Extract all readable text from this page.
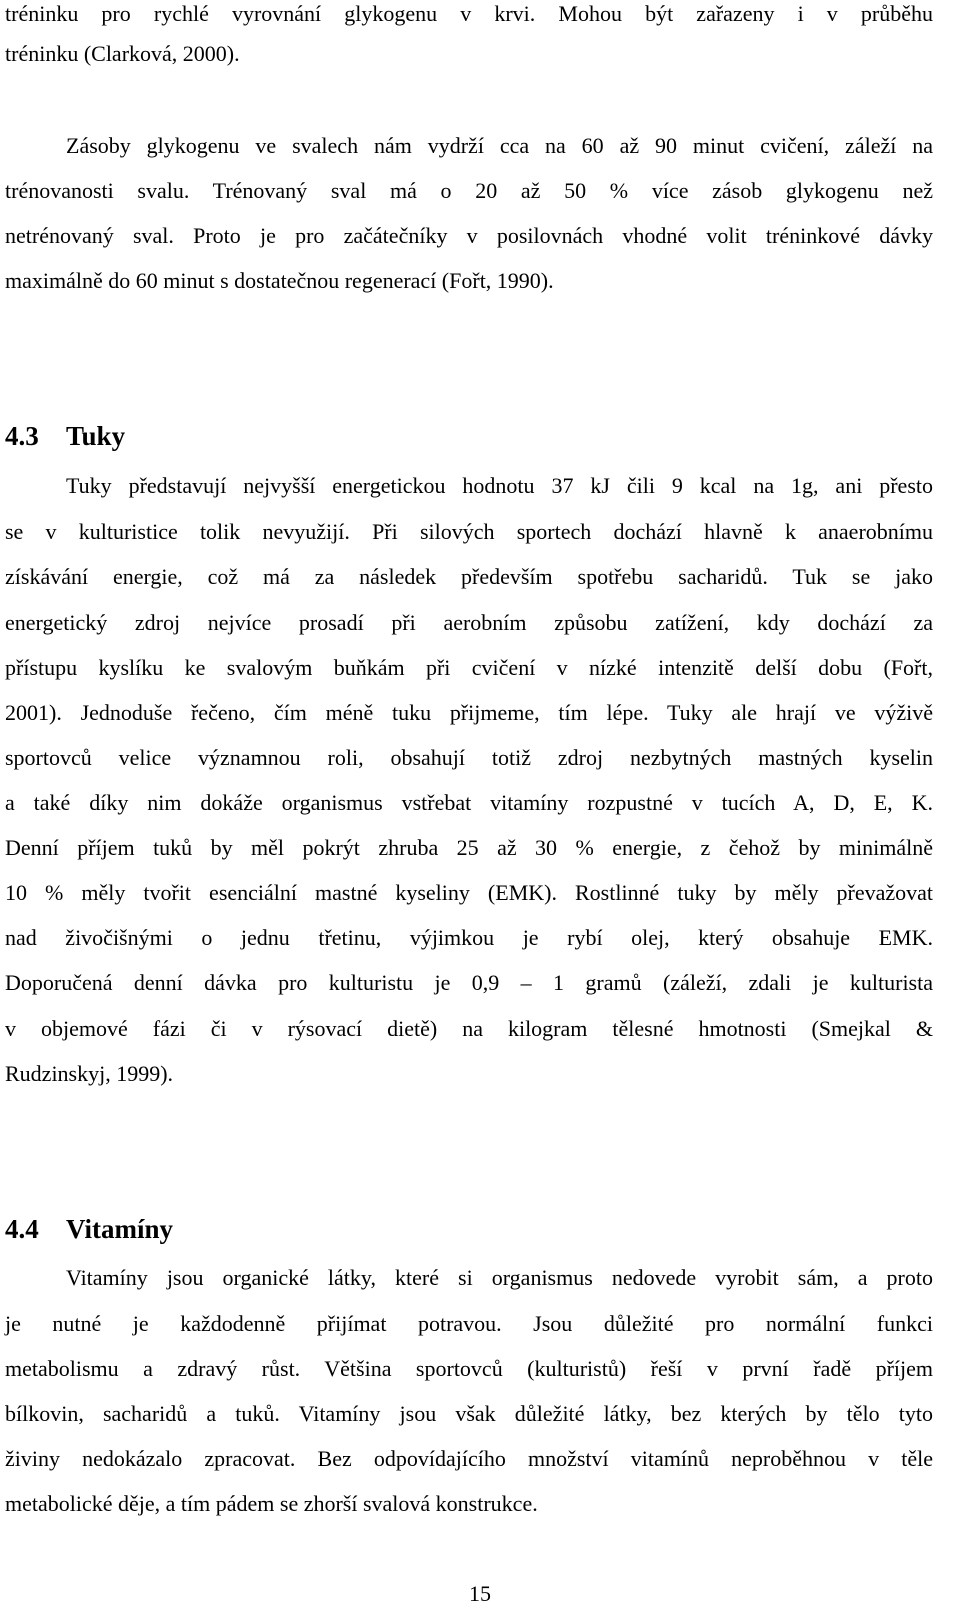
tréninku pro rychlé vyrovnání glykogenu v krvi. Mohou být zařazeny i v průběhu
tréninku (Clarková, 2000).
Zásoby glykogenu ve svalech nám vydrží cca na 60 až 90 minut cvičení, záleží na
trénovanosti svalu. Trénovaný sval má o 20 až 50 % více zásob glykogenu než
netrénovaný sval. Proto je pro začátečníky v posilovnách vhodné volit tréninkové dávky
maximálně do 60 minut s dostatečnou regenerací (Fořt, 1990).
4.3 Tuky
Tuky představují nejvyšší energetickou hodnotu 37 kJ čili 9 kcal na 1g, ani přesto
se v kulturistice tolik nevyužijí. Při silových sportech dochází hlavně k anaerobnímu
získávání energie, což má za následek především spotřebu sacharidů. Tuk se jako
energetický zdroj nejvíce prosadí při aerobním způsobu zatížení, kdy dochází za
přístupu kyslíku ke svalovým buňkám při cvičení v nízké intenzitě delší dobu (Fořt,
2001). Jednoduše řečeno, čím méně tuku přijmeme, tím lépe. Tuky ale hrají ve výživě
sportovců velice významnou roli, obsahují totiž zdroj nezbytných mastných kyselin
a také díky nim dokáže organismus vstřebat vitamíny rozpustné v tucích A, D, E, K.
Denní příjem tuků by měl pokrýt zhruba 25 až 30 % energie, z čehož by minimálně
10 % měly tvořit esenciální mastné kyseliny (EMK). Rostlinné tuky by měly převažovat
nad živočišnými o jednu třetinu, výjimkou je rybí olej, který obsahuje EMK.
Doporučená denní dávka pro kulturistu je 0,9 – 1 gramů (záleží, zdali je kulturista
v objemové fázi či v rýsovací dietě) na kilogram tělesné hmotnosti (Smejkal &
Rudzinskyj, 1999).
4.4 Vitamíny
Vitamíny jsou organické látky, které si organismus nedovede vyrobit sám, a proto
je nutné je každodenně přijímat potravou. Jsou důležité pro normální funkci
metabolismu a zdravý růst. Většina sportovců (kulturistů) řeší v první řadě příjem
bílkovin, sacharidů a tuků. Vitamíny jsou však důležité látky, bez kterých by tělo tyto
živiny nedokázalo zpracovat. Bez odpovídajícího množství vitamínů neproběhnou v těle
metabolické děje, a tím pádem se zhorší svalová konstrukce.
15
